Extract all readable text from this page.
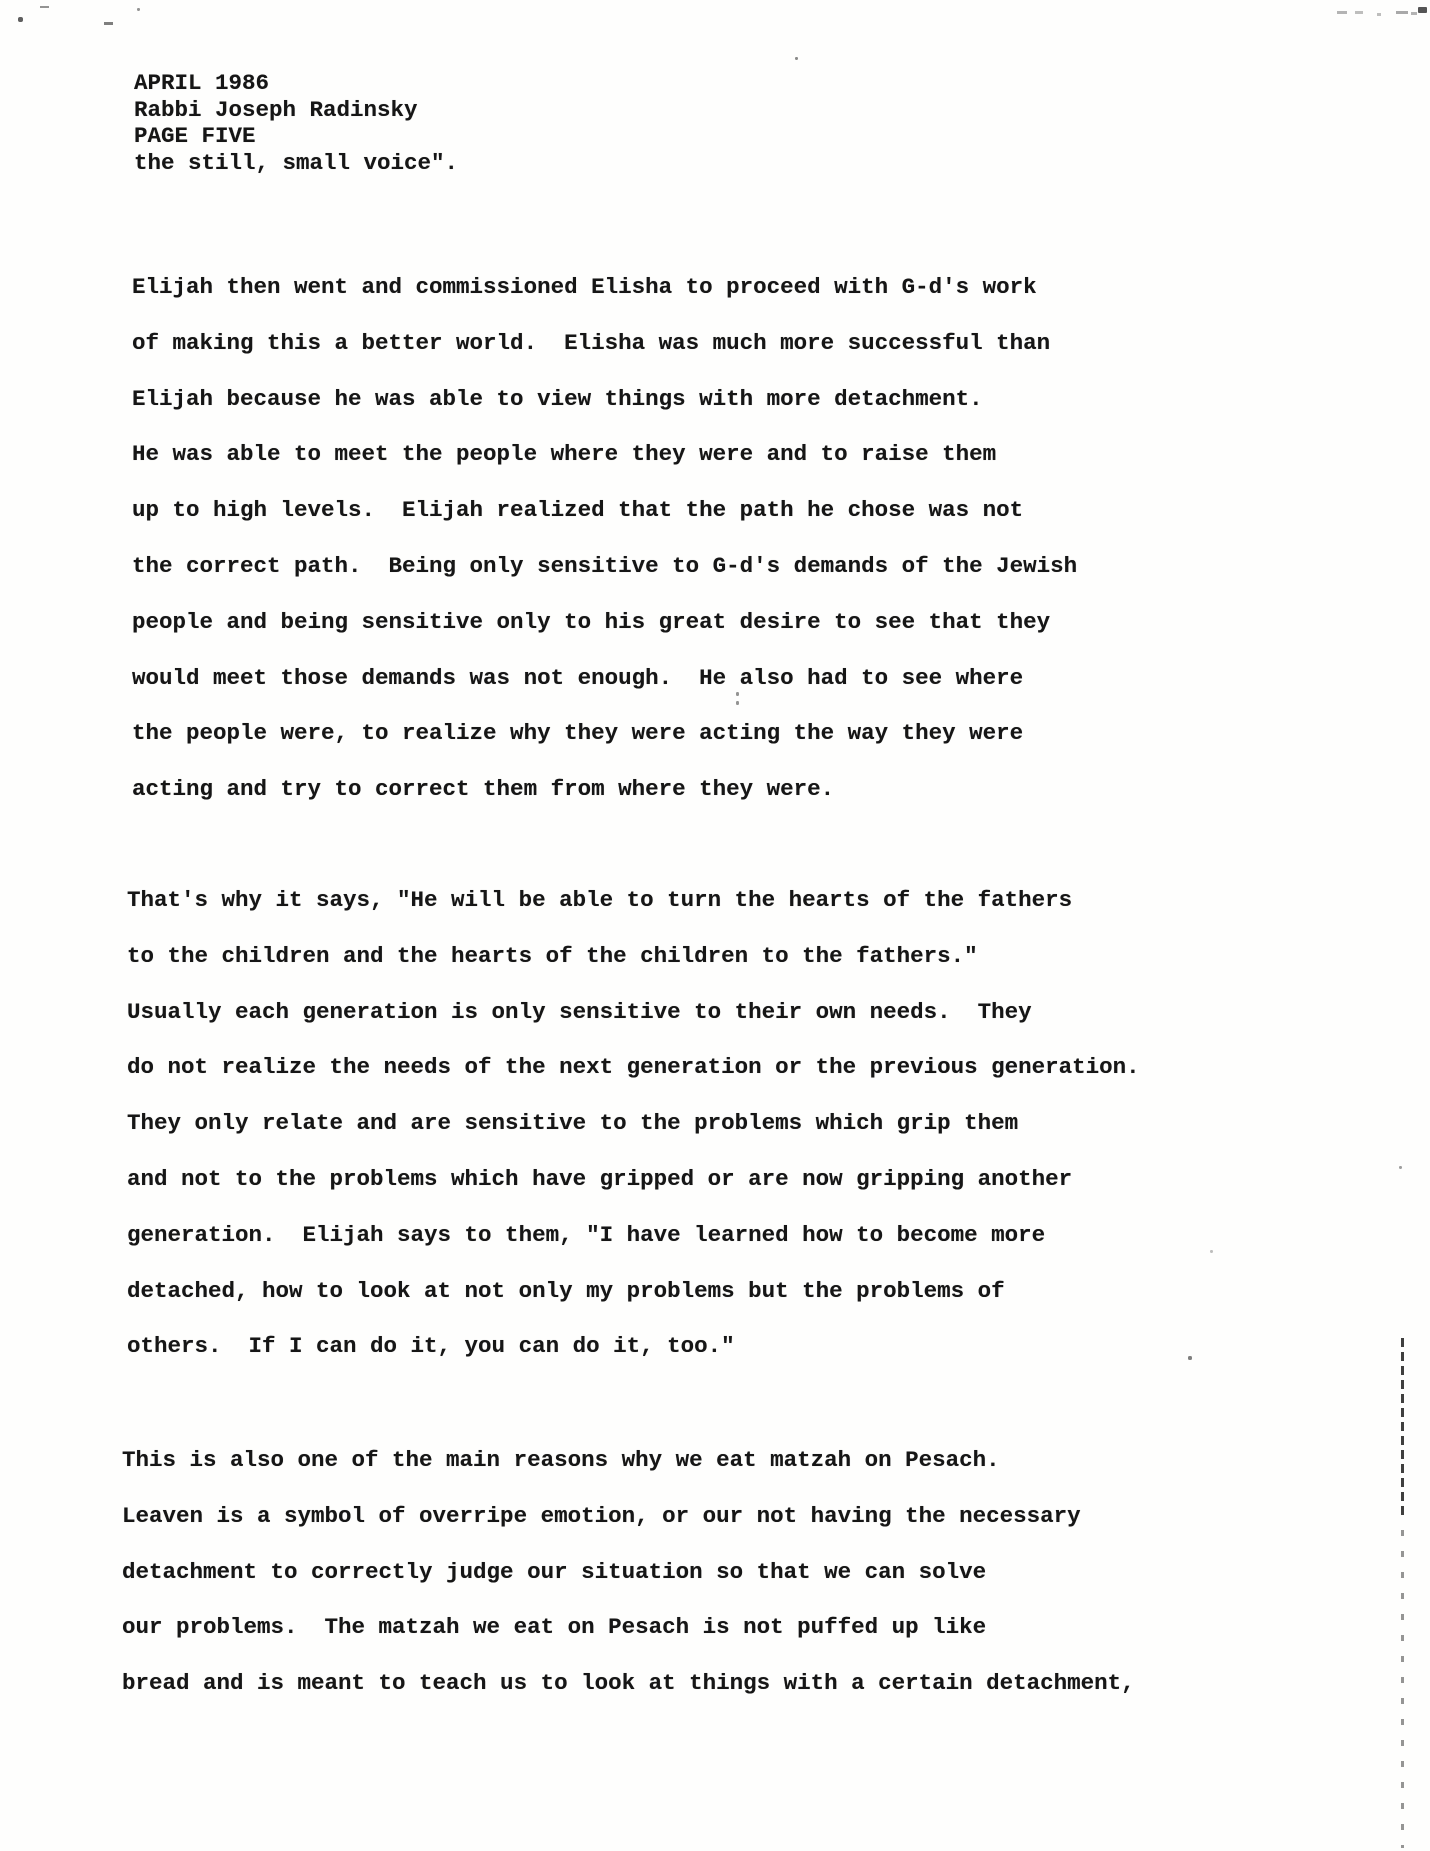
APRIL 1986
Rabbi Joseph Radinsky
PAGE FIVE
the still, small voice".
Elijah then went and commissioned Elisha to proceed with G-d's work
of making this a better world.  Elisha was much more successful than
Elijah because he was able to view things with more detachment.
He was able to meet the people where they were and to raise them
up to high levels.  Elijah realized that the path he chose was not
the correct path.  Being only sensitive to G-d's demands of the Jewish
people and being sensitive only to his great desire to see that they
would meet those demands was not enough.  He also had to see where
the people were, to realize why they were acting the way they were
acting and try to correct them from where they were.
That's why it says, "He will be able to turn the hearts of the fathers
to the children and the hearts of the children to the fathers."
Usually each generation is only sensitive to their own needs.  They
do not realize the needs of the next generation or the previous generation.
They only relate and are sensitive to the problems which grip them
and not to the problems which have gripped or are now gripping another
generation.  Elijah says to them, "I have learned how to become more
detached, how to look at not only my problems but the problems of
others.  If I can do it, you can do it, too."
This is also one of the main reasons why we eat matzah on Pesach.
Leaven is a symbol of overripe emotion, or our not having the necessary
detachment to correctly judge our situation so that we can solve
our problems.  The matzah we eat on Pesach is not puffed up like
bread and is meant to teach us to look at things with a certain detachment,
